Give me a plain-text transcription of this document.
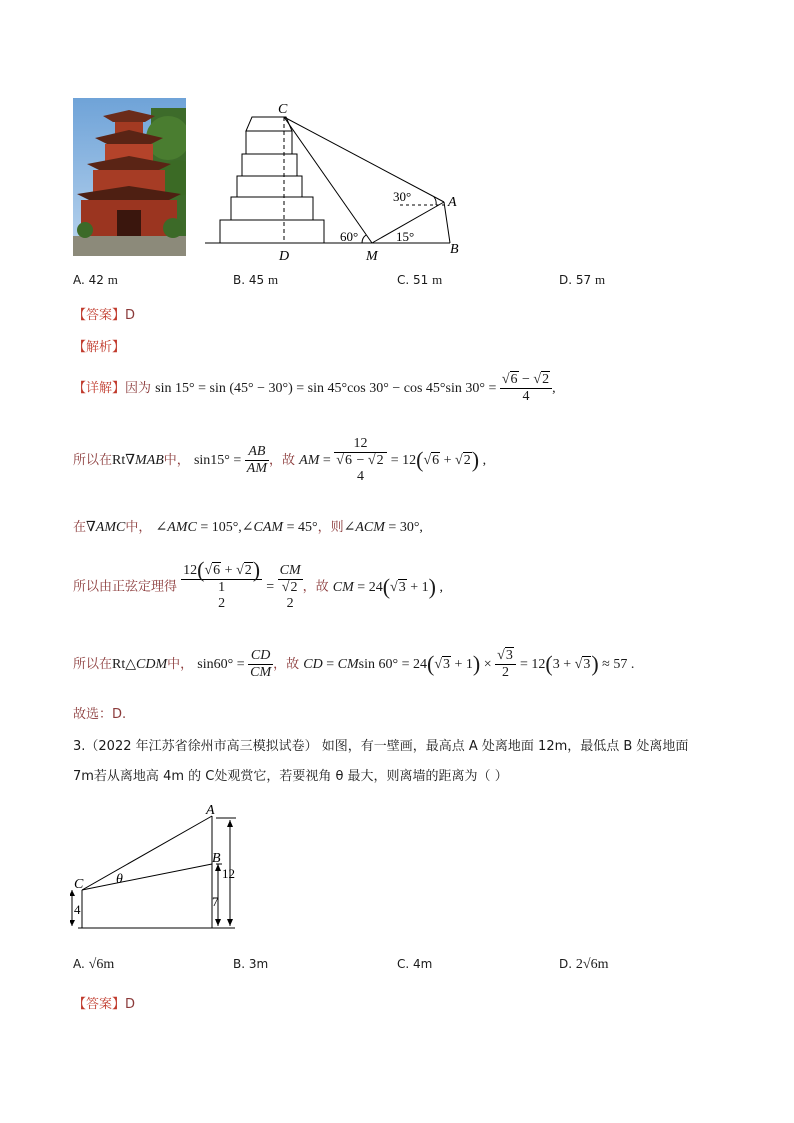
C
A
D	M	B
30°
60°	15°
A. 42 m	B. 45 m	C. 51 m	D. 57 m
【答案】D
【解析】
【详解】因为 sin 15° = sin (45° − 30°) = sin 45°cos 30° − cos 45°sin $30^\circ = \frac{√6 - √2}{4}$ ,
所以在Rt∇MAB中， $\sin 15^\circ = \frac{AB}{AM}$ ，故 AM =
12
√6 − √2
4
= 12(√6 + √2) ,
在∇AMC中， ∠AMC = 105°,∠CAM = 45°，则∠ACM = 30°,
所以由正弦定理得
12(√6 + √2)
1
2
=
CM
√2
2
，故 CM = 24(√3 + 1) ,
所以在Rt△CDM中， $\sin 60^\circ = \frac{CD}{CM}$ ，故 CD = CMsin $60^\circ = 24(√3 + 1) \times \frac{√3}{2} = 12(3 + √3) \approx 57$ .
故选：D.
3.（2022 年江苏省徐州市高三模拟试卷） 如图，有一壁画，最高点 A 处离地面 12m，最低点 B 处离地面
7m若从离地高 4m 的 C处观赏它，若要视角 θ 最大，则离墙的距离为（ ）
A
B
C θ	12
7
4
A. √6m	B. 3m	C. 4m	D. 2√6m
【答案】D
